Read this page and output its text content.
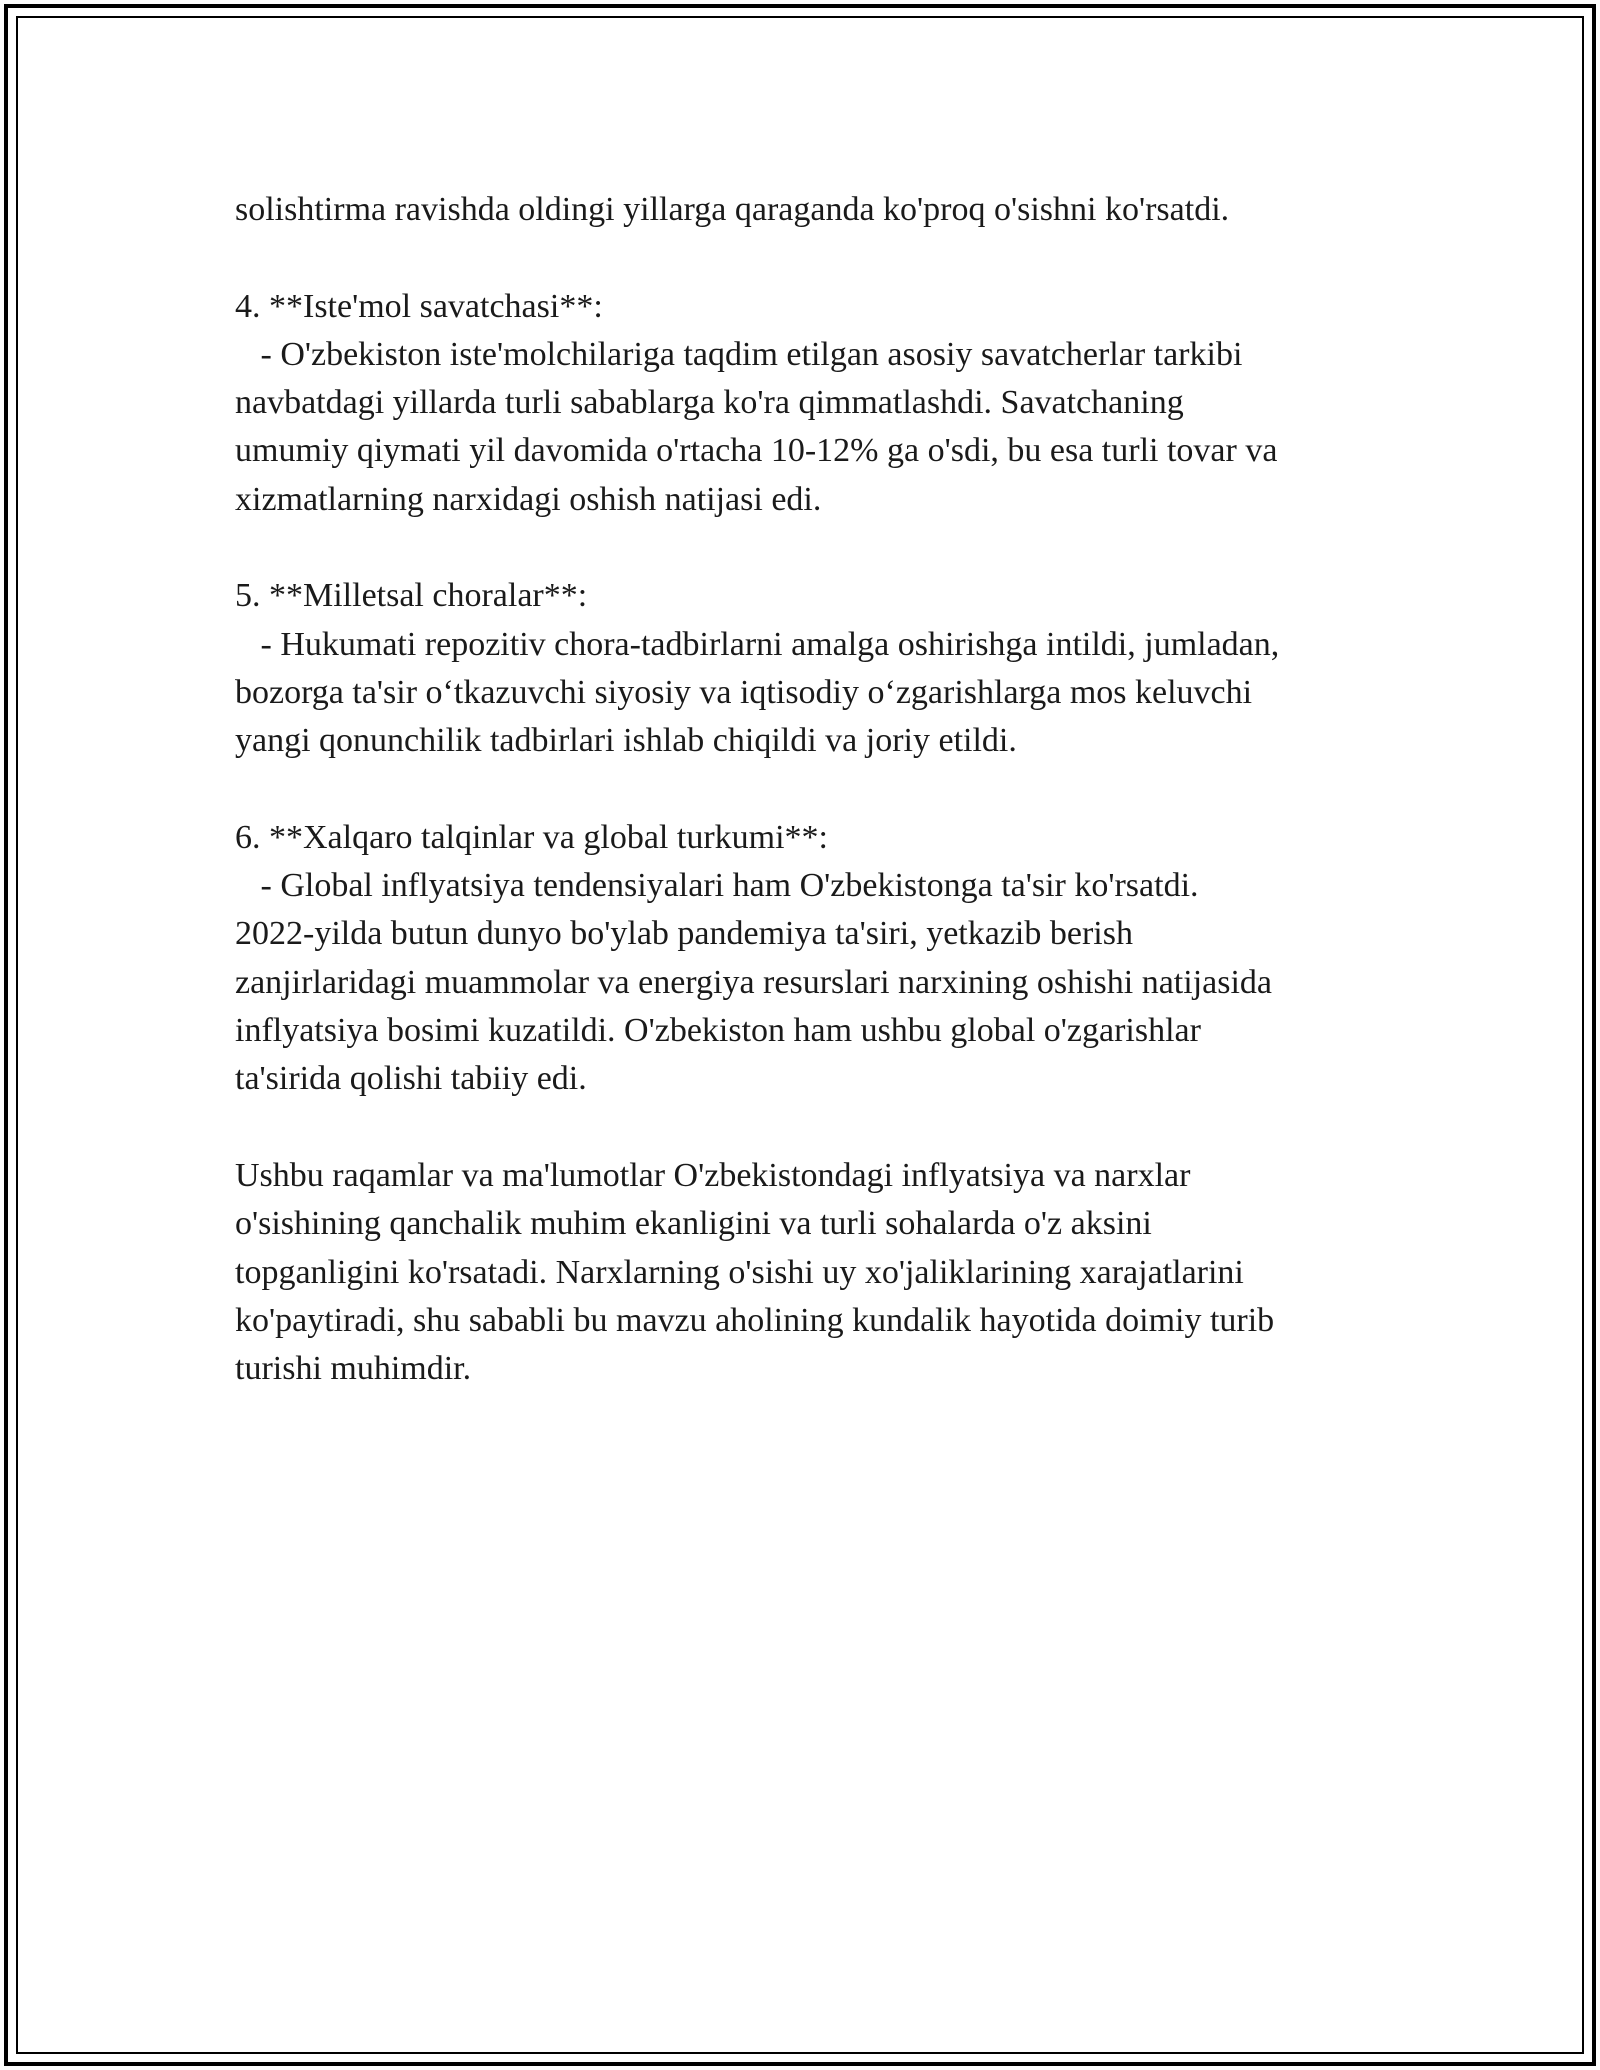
solishtirma ravishda oldingi yillarga qaraganda ko'proq o'sishni ko'rsatdi.
4. **Iste'mol savatchasi**:
- O'zbekiston iste'molchilariga taqdim etilgan asosiy savatcherlar tarkibi
navbatdagi yillarda turli sabablarga ko'ra qimmatlashdi. Savatchaning
umumiy qiymati yil davomida o'rtacha 10-12% ga o'sdi, bu esa turli tovar va
xizmatlarning narxidagi oshish natijasi edi.
5. **Milletsal choralar**:
- Hukumati repozitiv chora-tadbirlarni amalga oshirishga intildi, jumladan,
bozorga ta'sir o‘tkazuvchi siyosiy va iqtisodiy o‘zgarishlarga mos keluvchi
yangi qonunchilik tadbirlari ishlab chiqildi va joriy etildi.
6. **Xalqaro talqinlar va global turkumi**:
- Global inflyatsiya tendensiyalari ham O'zbekistonga ta'sir ko'rsatdi.
2022-yilda butun dunyo bo'ylab pandemiya ta'siri, yetkazib berish
zanjirlaridagi muammolar va energiya resurslari narxining oshishi natijasida
inflyatsiya bosimi kuzatildi. O'zbekiston ham ushbu global o'zgarishlar
ta'sirida qolishi tabiiy edi.
Ushbu raqamlar va ma'lumotlar O'zbekistondagi inflyatsiya va narxlar
o'sishining qanchalik muhim ekanligini va turli sohalarda o'z aksini
topganligini ko'rsatadi. Narxlarning o'sishi uy xo'jaliklarining xarajatlarini
ko'paytiradi, shu sababli bu mavzu aholining kundalik hayotida doimiy turib
turishi muhimdir.
